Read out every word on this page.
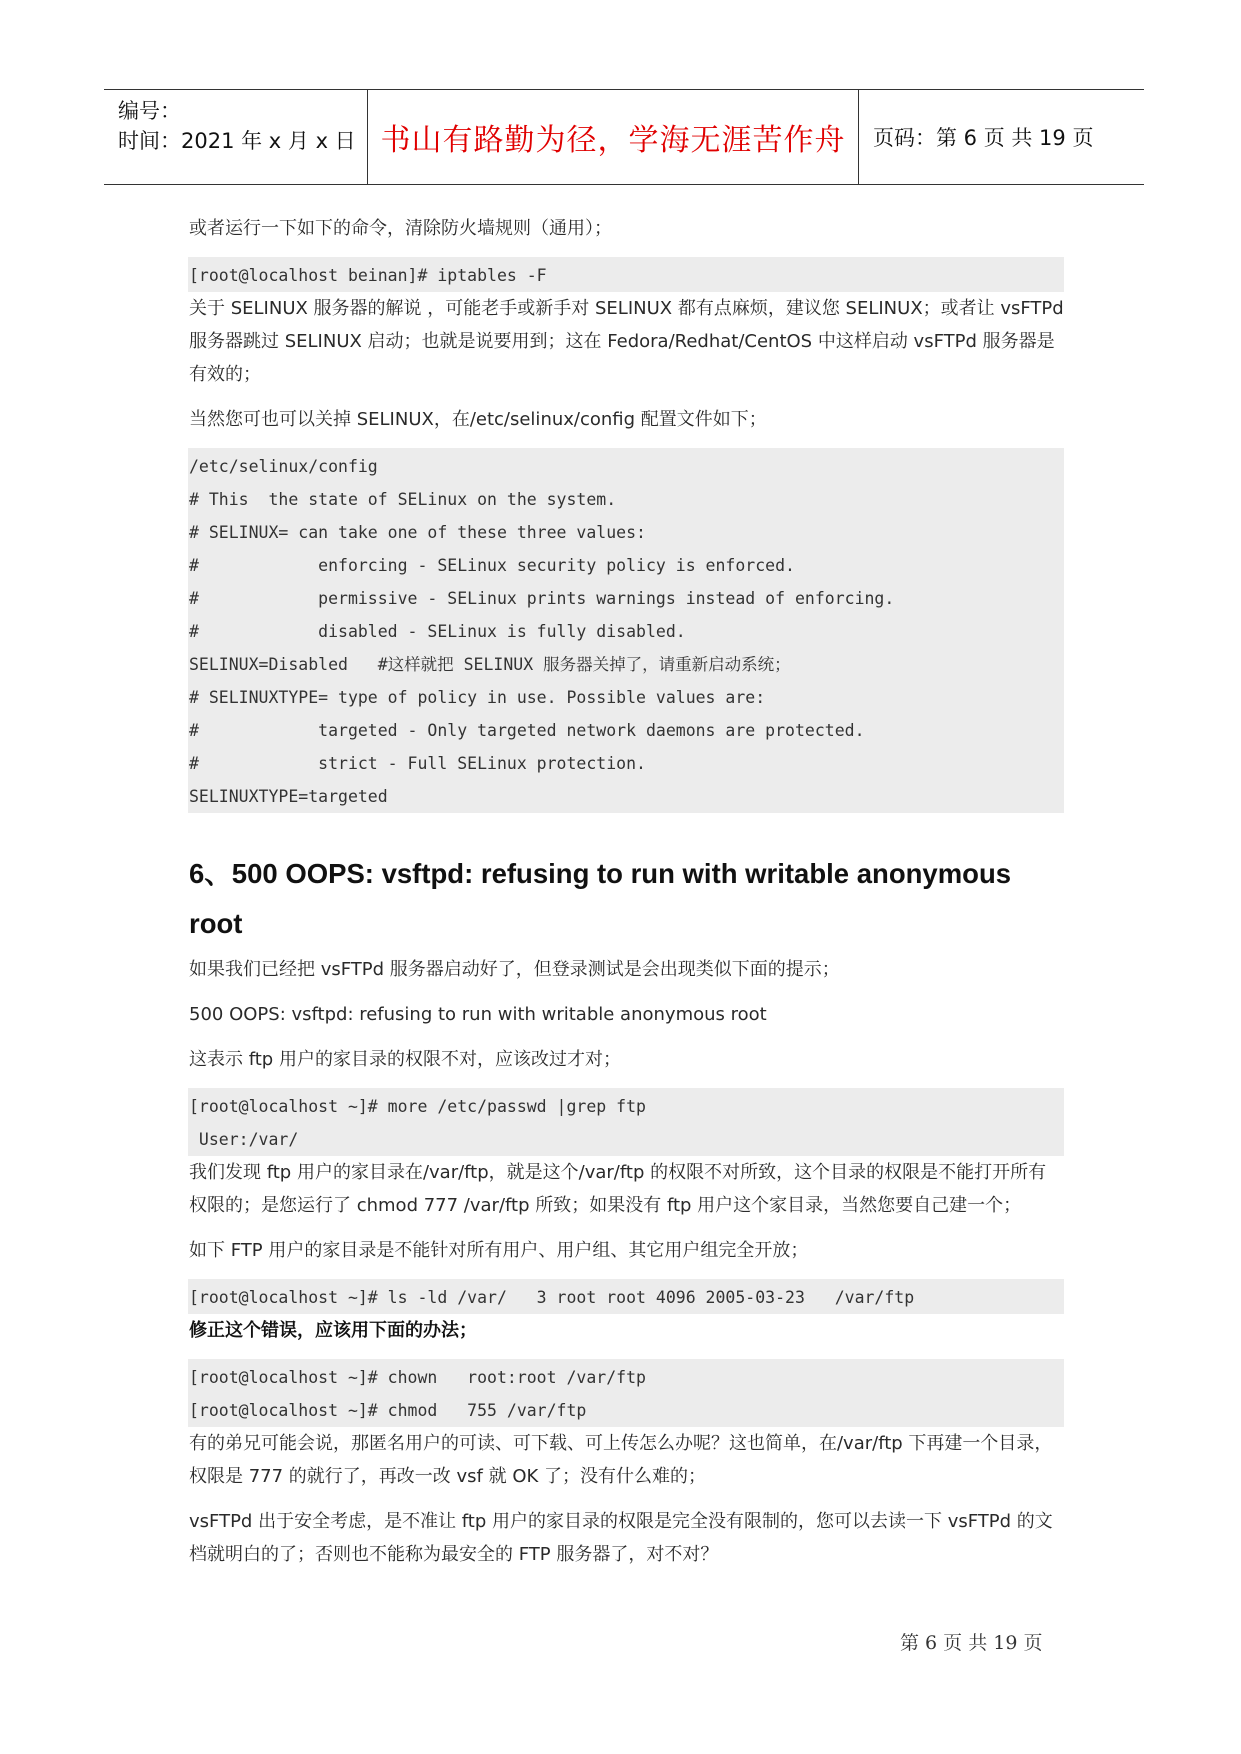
编号：
时间：2021 年 x 月 x 日 书山有路勤为径，学海无涯苦作舟	页码：第 6 页 共 19 页

或者运行一下如下的命令，清除防火墙规则（通用）；

[root@localhost beinan]# iptables -F

关于 SELINUX 服务器的解说 ，可能老手或新手对 SELINUX 都有点麻烦，建议您 SELINUX；或者让 vsFTPd 服务器跳过 SELINUX 启动；也就是说要用到；这在 Fedora/Redhat/CentOS 中这样启动 vsFTPd 服务器是有效的；

当然您可也可以关掉 SELINUX，在/etc/selinux/config 配置文件如下；

/etc/selinux/config
# This  the state of SELinux on the system.
# SELINUX= can take one of these three values:
#            enforcing - SELinux security policy is enforced.
#            permissive - SELinux prints warnings instead of enforcing.
#            disabled - SELinux is fully disabled.
SELINUX=Disabled   #这样就把 SELINUX 服务器关掉了，请重新启动系统；
# SELINUXTYPE= type of policy in use. Possible values are:
#            targeted - Only targeted network daemons are protected.
#            strict - Full SELinux protection.
SELINUXTYPE=targeted
6、500 OOPS: vsftpd: refusing to run with writable anonymous root

如果我们已经把 vsFTPd 服务器启动好了，但登录测试是会出现类似下面的提示；

500 OOPS: vsftpd: refusing to run with writable anonymous root

这表示 ftp 用户的家目录的权限不对，应该改过才对；

[root@localhost ~]# more /etc/passwd |grep ftp
User:/var/

我们发现 ftp 用户的家目录在/var/ftp，就是这个/var/ftp 的权限不对所致，这个目录的权限是不能打开所有权限的；是您运行了 chmod 777 /var/ftp 所致；如果没有 ftp 用户这个家目录，当然您要自己建一个；

如下 FTP 用户的家目录是不能针对所有用户、用户组、其它用户组完全开放；

[root@localhost ~]# ls -ld /var/   3 root root 4096 2005-03-23   /var/ftp

修正这个错误，应该用下面的办法；

[root@localhost ~]# chown   root:root /var/ftp
[root@localhost ~]# chmod   755 /var/ftp

有的弟兄可能会说，那匿名用户的可读、可下载、可上传怎么办呢？这也简单，在/var/ftp 下再建一个目录，权限是 777 的就行了，再改一改 vsf 就 OK 了；没有什么难的；

vsFTPd 出于安全考虑，是不准让 ftp 用户的家目录的权限是完全没有限制的，您可以去读一下 vsFTPd 的文档就明白的了；否则也不能称为最安全的 FTP 服务器了，对不对？

第 6 页 共 19 页
